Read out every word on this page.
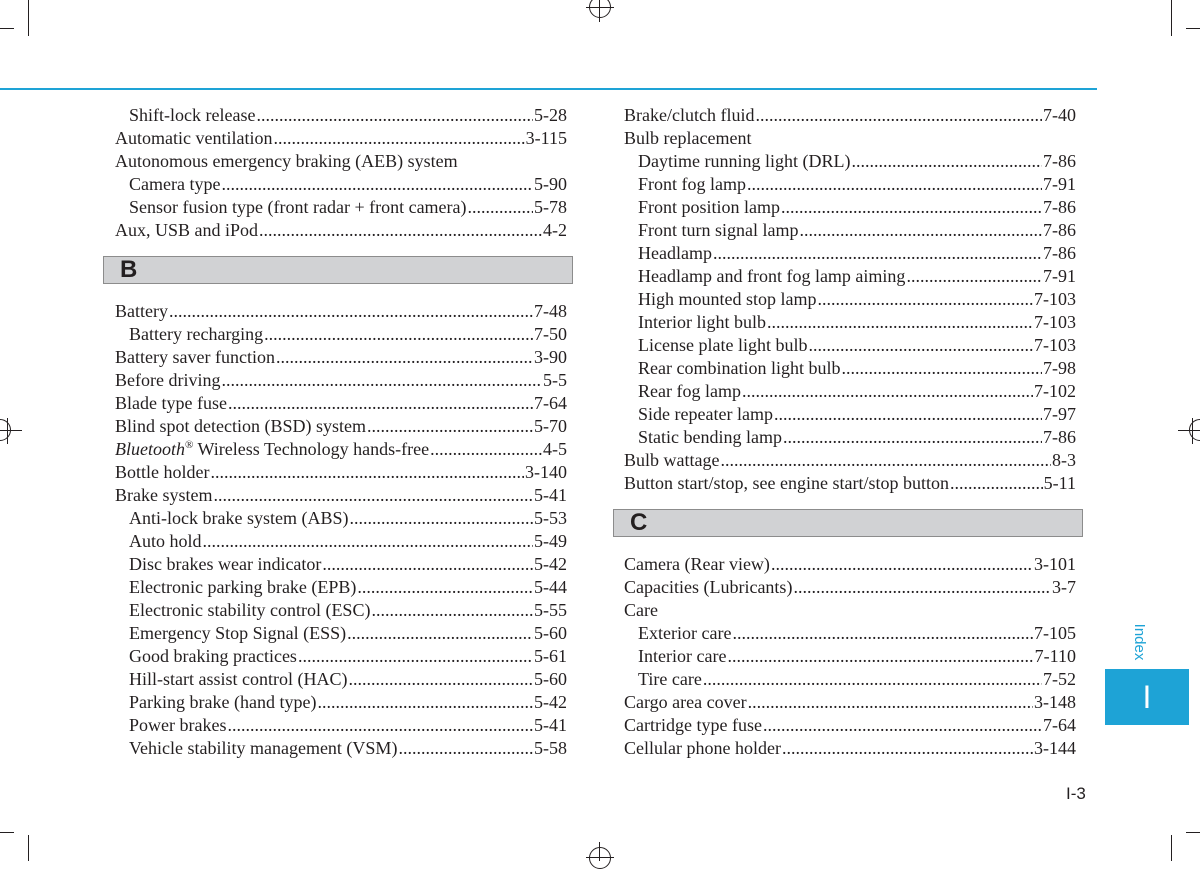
Shift-lock release .....	5-28
Automatic ventilation .....	3-115
Autonomous emergency braking (AEB) system
Camera type .....	5-90
Sensor fusion type (front radar + front camera) .....	5-78
Aux, USB and iPod .....	4-2
B
Battery .....	7-48
Battery recharging .....	7-50
Battery saver function .....	3-90
Before driving .....	5-5
Blade type fuse .....	7-64
Blind spot detection (BSD) system .....	5-70
Bluetooth® Wireless Technology hands-free .....	4-5
Bottle holder .....	3-140
Brake system .....	5-41
Anti-lock brake system (ABS) .....	5-53
Auto hold .....	5-49
Disc brakes wear indicator .....	5-42
Electronic parking brake (EPB) .....	5-44
Electronic stability control (ESC) .....	5-55
Emergency Stop Signal (ESS) .....	5-60
Good braking practices .....	5-61
Hill-start assist control (HAC) .....	5-60
Parking brake (hand type) .....	5-42
Power brakes .....	5-41
Vehicle stability management (VSM) .....	5-58
Brake/clutch fluid .....	7-40
Bulb replacement
Daytime running light (DRL) .....	7-86
Front fog lamp .....	7-91
Front position lamp .....	7-86
Front turn signal lamp .....	7-86
Headlamp .....	7-86
Headlamp and front fog lamp aiming .....	7-91
High mounted stop lamp .....	7-103
Interior light bulb .....	7-103
License plate light bulb .....	7-103
Rear combination light bulb .....	7-98
Rear fog lamp .....	7-102
Side repeater lamp .....	7-97
Static bending lamp .....	7-86
Bulb wattage .....	8-3
Button start/stop, see engine start/stop button .....	5-11
C
Camera (Rear view) .....	3-101
Capacities (Lubricants) .....	3-7
Care
Exterior care .....	7-105
Interior care .....	7-110
Tire care .....	7-52
Cargo area cover .....	3-148
Cartridge type fuse .....	7-64
Cellular phone holder .....	3-144
Index
I
I-3
